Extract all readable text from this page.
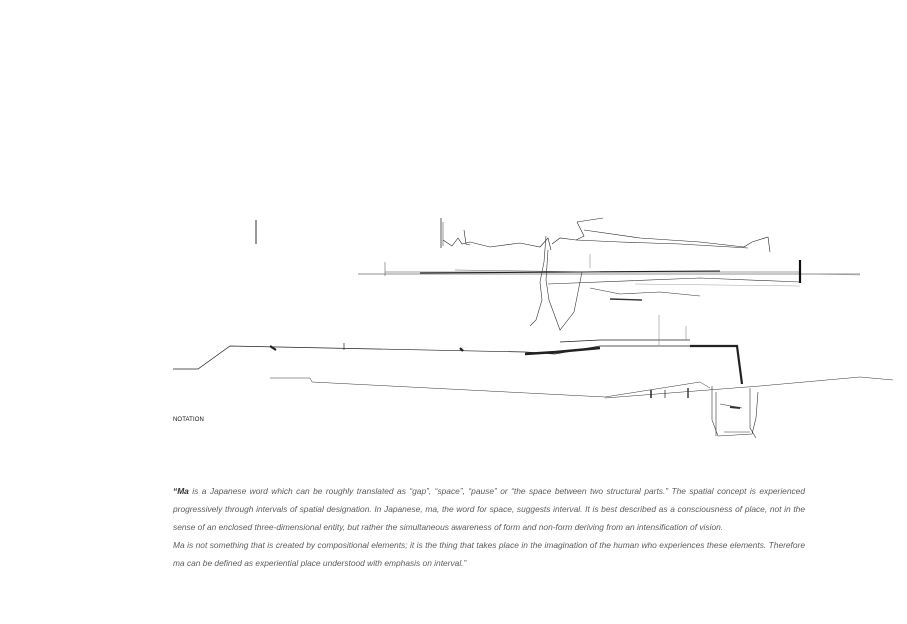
NOTATION

“Ma is a Japanese word which can be roughly translated as “gap”, “space”, “pause” or “the space between two structural parts.” The spatial concept is experienced progressively through intervals of spatial designation. In Japanese, ma, the word for space, suggests interval. It is best described as a consciousness of place, not in the sense of an enclosed three-dimensional entity, but rather the simultaneous awareness of form and non-form deriving from an intensification of vision.

Ma is not something that is created by compositional elements; it is the thing that takes place in the imagination of the human who experiences these elements. Therefore ma can be defined as experiential place understood with emphasis on interval.”
